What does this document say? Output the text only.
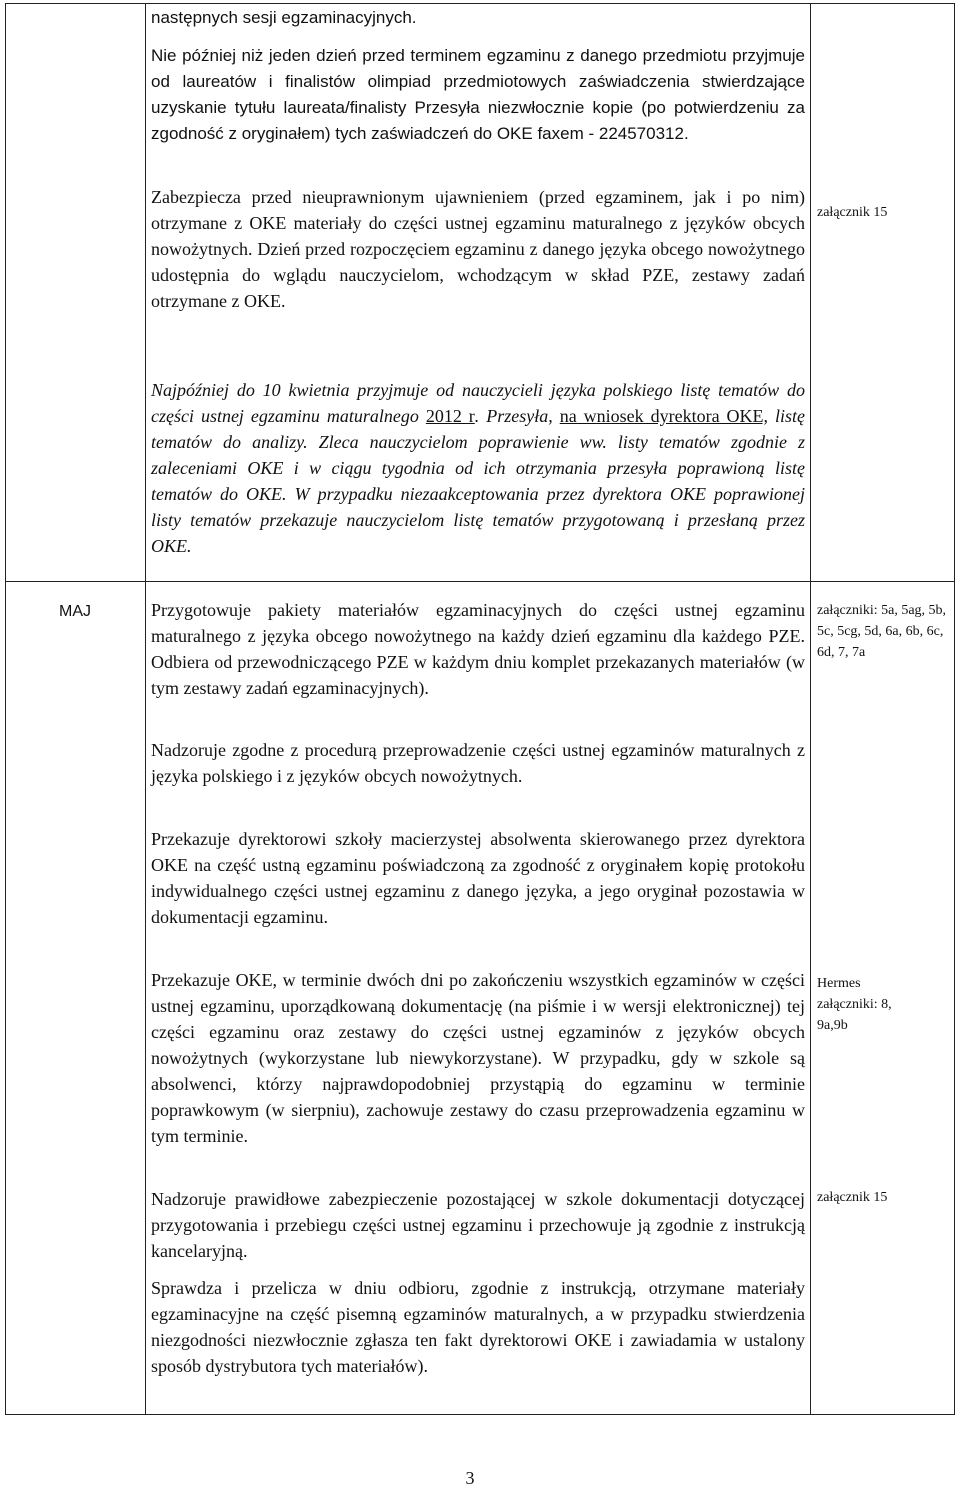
następnych sesji egzaminacyjnych.

Nie później niż jeden dzień przed terminem egzaminu z danego przedmiotu przyjmuje od laureatów i finalistów olimpiad przedmiotowych zaświadczenia stwierdzające uzyskanie tytułu laureata/finalisty Przesyła niezwłocznie kopie (po potwierdzeniu za zgodność z oryginałem) tych zaświadczeń do OKE faxem - 224570312.

Zabezpiecza przed nieuprawnionym ujawnieniem (przed egzaminem, jak i po nim) otrzymane z OKE materiały do części ustnej egzaminu maturalnego z języków obcych nowożytnych. Dzień przed rozpoczęciem egzaminu z danego języka obcego nowożytnego udostępnia do wglądu nauczycielom, wchodzącym w skład PZE, zestawy zadań otrzymane z OKE.

załącznik 15

Najpóźniej do 10 kwietnia przyjmuje od nauczycieli języka polskiego listę tematów do części ustnej egzaminu maturalnego 2012 r. Przesyła, na wniosek dyrektora OKE, listę tematów do analizy. Zleca nauczycielom poprawienie ww. listy tematów zgodnie z zaleceniami OKE i w ciągu tygodnia od ich otrzymania przesyła poprawioną listę tematów do OKE. W przypadku niezaakceptowania przez dyrektora OKE poprawionej listy tematów przekazuje nauczycielom listę tematów przygotowaną i przesłaną przez OKE.

MAJ	Przygotowuje pakiety materiałów egzaminacyjnych do części ustnej egzaminu maturalnego z języka obcego nowożytnego na każdy dzień egzaminu dla każdego PZE. Odbiera od przewodniczącego PZE w każdym dniu komplet przekazanych materiałów (w tym zestawy zadań egzaminacyjnych).

załączniki: 5a, 5ag, 5b, 5c, 5cg, 5d, 6a, 6b, 6c, 6d, 7, 7a

Nadzoruje zgodne z procedurą przeprowadzenie części ustnej egzaminów maturalnych z języka polskiego i z języków obcych nowożytnych.

Przekazuje dyrektorowi szkoły macierzystej absolwenta skierowanego przez dyrektora OKE na część ustną egzaminu poświadczoną za zgodność z oryginałem kopię protokołu indywidualnego części ustnej egzaminu z danego języka, a jego oryginał pozostawia w dokumentacji egzaminu.

Przekazuje OKE, w terminie dwóch dni po zakończeniu wszystkich egzaminów w części ustnej egzaminu, uporządkowaną dokumentację (na piśmie i w wersji elektronicznej) tej części egzaminu oraz zestawy do części ustnej egzaminów z języków obcych nowożytnych (wykorzystane lub niewykorzystane). W przypadku, gdy w szkole są absolwenci, którzy najprawdopodobniej przystąpią do egzaminu w terminie poprawkowym (w sierpniu), zachowuje zestawy do czasu przeprowadzenia egzaminu w tym terminie.

Hermes załączniki: 8, 9a,9b

Nadzoruje prawidłowe zabezpieczenie pozostającej w szkole dokumentacji dotyczącej przygotowania i przebiegu części ustnej egzaminu i przechowuje ją zgodnie z instrukcją kancelaryjną.

załącznik 15

Sprawdza i przelicza w dniu odbioru, zgodnie z instrukcją, otrzymane materiały egzaminacyjne na część pisemną egzaminów maturalnych, a w przypadku stwierdzenia niezgodności niezwłocznie zgłasza ten fakt dyrektorowi OKE i zawiadamia w ustalony sposób dystrybutora tych materiałów).

3
